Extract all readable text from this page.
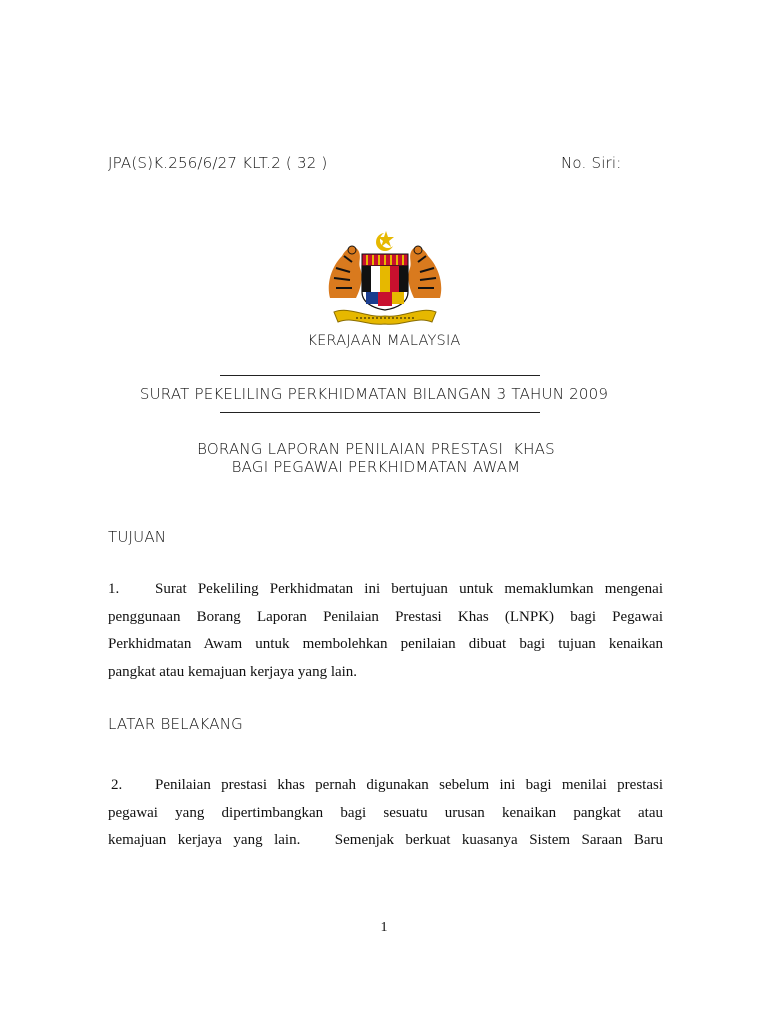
JPA(S)K.256/6/27 KLT.2 ( 32 )	No. Siri:
KERAJAAN MALAYSIA
SURAT PEKELILING PERKHIDMATAN BILANGAN 3 TAHUN 2009
BORANG LAPORAN PENILAIAN PRESTASI  KHAS
BAGI PEGAWAI PERKHIDMATAN AWAM
TUJUAN
1. Surat Pekeliling Perkhidmatan ini bertujuan untuk memaklumkan mengenai
penggunaan Borang Laporan Penilaian Prestasi Khas (LNPK) bagi Pegawai
Perkhidmatan Awam untuk membolehkan penilaian dibuat bagi tujuan kenaikan
pangkat atau kemajuan kerjaya yang lain.
LATAR BELAKANG
2. Penilaian prestasi khas pernah digunakan sebelum ini bagi menilai prestasi
pegawai yang dipertimbangkan bagi sesuatu urusan kenaikan pangkat atau
kemajuan kerjaya yang lain.   Semenjak berkuat kuasanya Sistem Saraan Baru
1
